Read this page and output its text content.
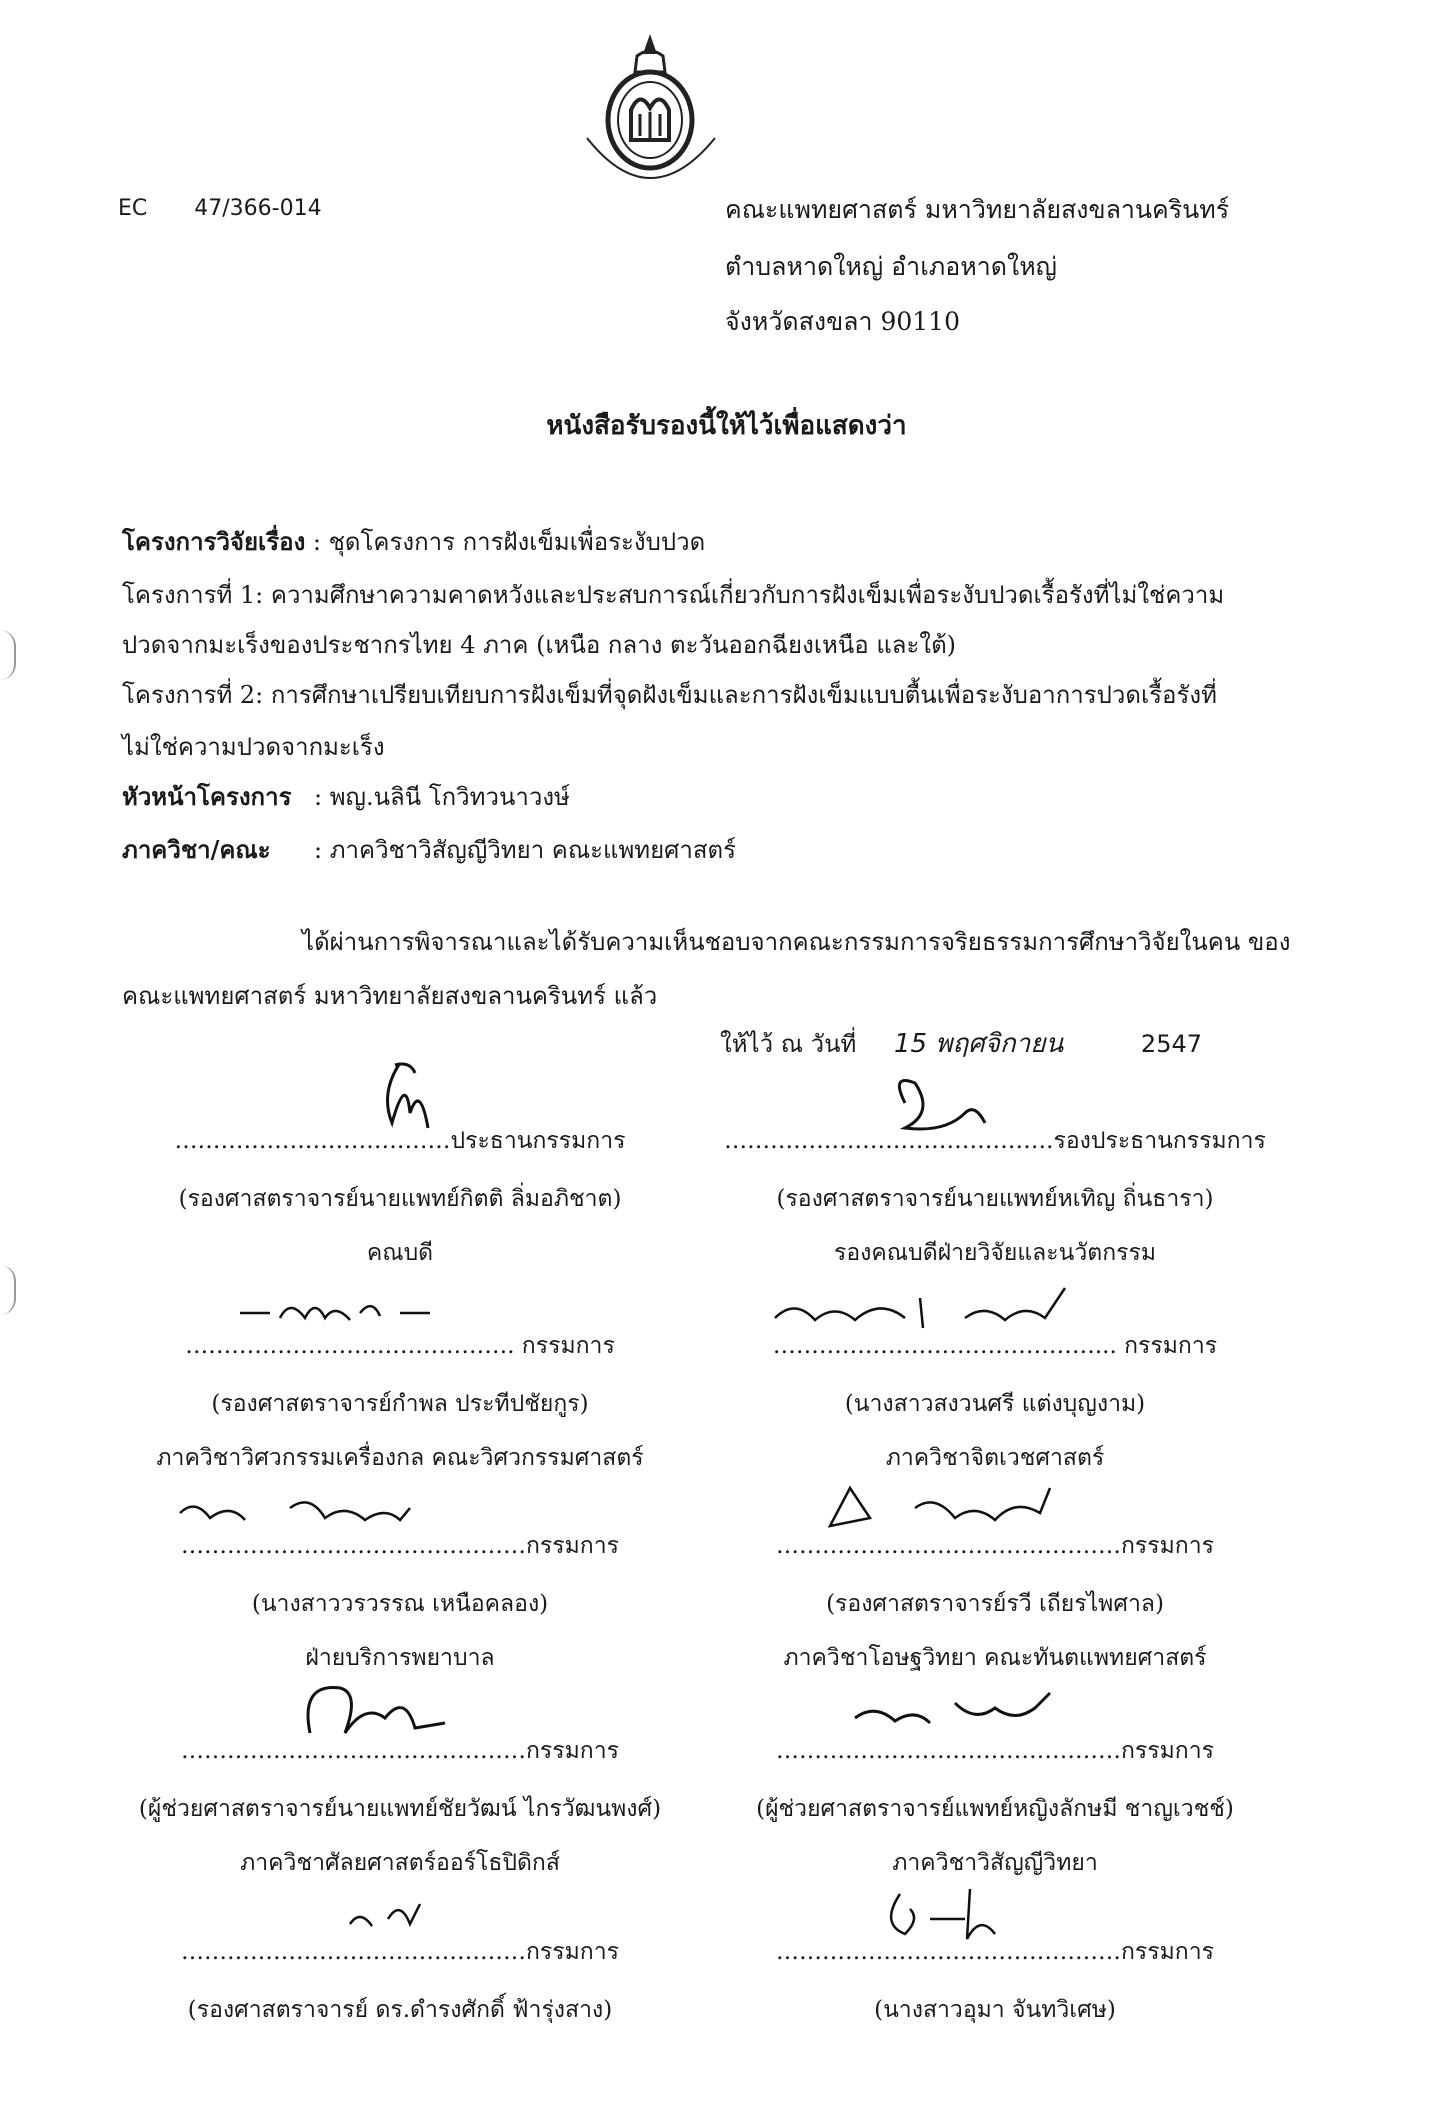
EC 47/366-014	คณะแพทยศาสตร์ มหาวิทยาลัยสงขลานครินทร์
ตำบลหาดใหญ่ อำเภอหาดใหญ่
จังหวัดสงขลา 90110
หนังสือรับรองนี้ให้ไว้เพื่อแสดงว่า
โครงการวิจัยเรื่อง : ชุดโครงการ การฝังเข็มเพื่อระงับปวด
โครงการที่ 1: ความศึกษาความคาดหวังและประสบการณ์เกี่ยวกับการฝังเข็มเพื่อระงับปวดเรื้อรังที่ไม่ใช่ความ
ปวดจากมะเร็งของประชากรไทย 4 ภาค (เหนือ กลาง ตะวันออกฉียงเหนือ และใต้)
โครงการที่ 2: การศึกษาเปรียบเทียบการฝังเข็มที่จุดฝังเข็มและการฝังเข็มแบบตื้นเพื่อระงับอาการปวดเรื้อรังที่
ไม่ใช่ความปวดจากมะเร็ง
หัวหน้าโครงการ : พญ.นลินี โกวิทวนาวงษ์
ภาควิชา/คณะ : ภาควิชาวิสัญญีวิทยา คณะแพทยศาสตร์
ได้ผ่านการพิจารณาและได้รับความเห็นชอบจากคณะกรรมการจริยธรรมการศึกษาวิจัยในคน ของคณะแพทยศาสตร์ มหาวิทยาลัยสงขลานครินทร์ แล้ว
ให้ไว้ ณ วันที่ 15 พฤศจิกายน	2547
………………………………ประธานกรรมการ
(รองศาสตราจารย์นายแพทย์กิตติ ลิ่มอภิชาต)
คณบดี
…………………………………….รองประธานกรรมการ
(รองศาสตราจารย์นายแพทย์หเทิญ ถิ่นธารา)
รองคณบดีฝ่ายวิจัยและนวัตกรรม
……………………………………. กรรมการ
(รองศาสตราจารย์กำพล ประทีปชัยกูร)
ภาควิชาวิศวกรรมเครื่องกล คณะวิศวกรรมศาสตร์
……………………………………... กรรมการ
(นางสาวสงวนศรี แต่งบุญงาม)
ภาควิชาจิตเวชศาสตร์
………………………………………กรรมการ
(นางสาววรวรรณ เหนือคลอง)
ฝ่ายบริการพยาบาล
………………………………………กรรมการ
(รองศาสตราจารย์รวี เถียรไพศาล)
ภาควิชาโอษฐวิทยา คณะทันตแพทยศาสตร์
………………………………………กรรมการ
(ผู้ช่วยศาสตราจารย์นายแพทย์ชัยวัฒน์ ไกรวัฒนพงศ์)
ภาควิชาศัลยศาสตร์ออร์โธปิดิกส์
………………………………………กรรมการ
(ผู้ช่วยศาสตราจารย์แพทย์หญิงลักษมี ชาญเวชช์)
ภาควิชาวิสัญญีวิทยา
………………………………………กรรมการ
(รองศาสตราจารย์ ดร.ดำรงศักดิ์ ฟ้ารุ่งสาง)
………………………………………กรรมการ
(นางสาวอุมา จันทวิเศษ)
